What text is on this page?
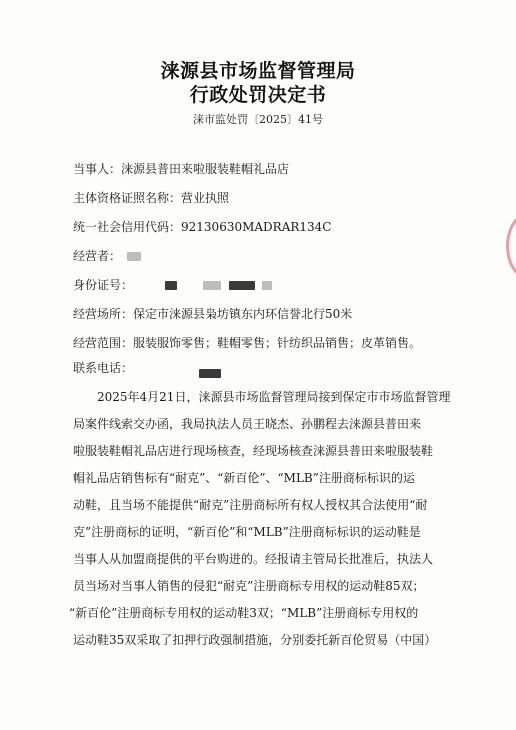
涞源县市场监督管理局
行政处罚决定书
涞市监处罚〔2025〕41号
当事人：涞源县普田来啦服装鞋帽礼品店
主体资格证照名称：营业执照
统一社会信用代码：92130630MADRAR134C
经营者：
身份证号：
经营场所：保定市涞源县枭坊镇东内环信誉北行50米
经营范围：服装服饰零售；鞋帽零售；针纺织品销售；皮革销售。
联系电话：
2025年4月21日，涞源县市场监督管理局接到保定市市场监督管理
局案件线索交办函，我局执法人员王晓杰、孙鹏程去涞源县普田来
啦服装鞋帽礼品店进行现场核查，经现场核查涞源县普田来啦服装鞋
帽礼品店销售标有“耐克”、“新百伦”、“MLB”注册商标标识的运
动鞋，且当场不能提供“耐克”注册商标所有权人授权其合法使用“耐
克”注册商标的证明，“新百伦”和“MLB”注册商标标识的运动鞋是
当事人从加盟商提供的平台购进的。经报请主管局长批准后，执法人
员当场对当事人销售的侵犯“耐克”注册商标专用权的运动鞋85双；
“新百伦”注册商标专用权的运动鞋3双；“MLB”注册商标专用权的
运动鞋35双采取了扣押行政强制措施，分别委托新百伦贸易（中国）
